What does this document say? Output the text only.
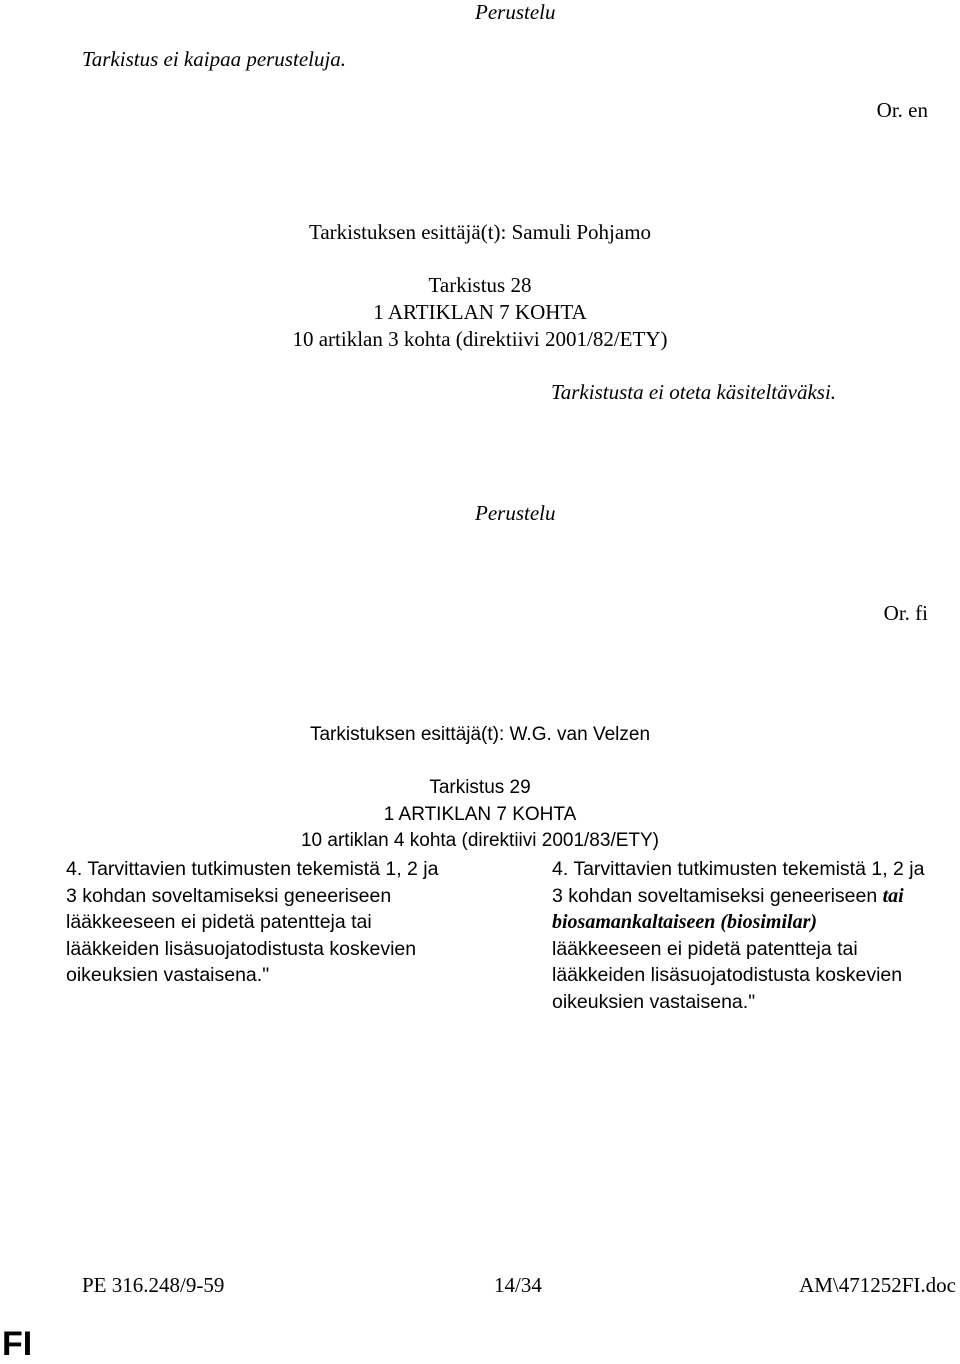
Perustelu
Tarkistus ei kaipaa perusteluja.
Or. en
Tarkistuksen esittäjä(t): Samuli Pohjamo
Tarkistus 28
1 ARTIKLAN 7 KOHTA
10 artiklan 3 kohta (direktiivi 2001/82/ETY)
Tarkistusta ei oteta käsiteltäväksi.
Perustelu
Or. fi
Tarkistuksen esittäjä(t): W.G. van Velzen
Tarkistus 29
1 ARTIKLAN 7 KOHTA
10 artiklan 4 kohta (direktiivi 2001/83/ETY)
4. Tarvittavien tutkimusten tekemistä 1, 2 ja
3 kohdan soveltamiseksi geneeriseen
lääkkeeseen ei pidetä patentteja tai
lääkkeiden lisäsuojatodistusta koskevien
oikeuksien vastaisena."
4. Tarvittavien tutkimusten tekemistä 1, 2 ja
3 kohdan soveltamiseksi geneeriseen tai
biosamankaltaiseen (biosimilar)
lääkkeeseen ei pidetä patentteja tai
lääkkeiden lisäsuojatodistusta koskevien
oikeuksien vastaisena."
PE 316.248/9-59	14/34	AM\471252FI.doc
FI
